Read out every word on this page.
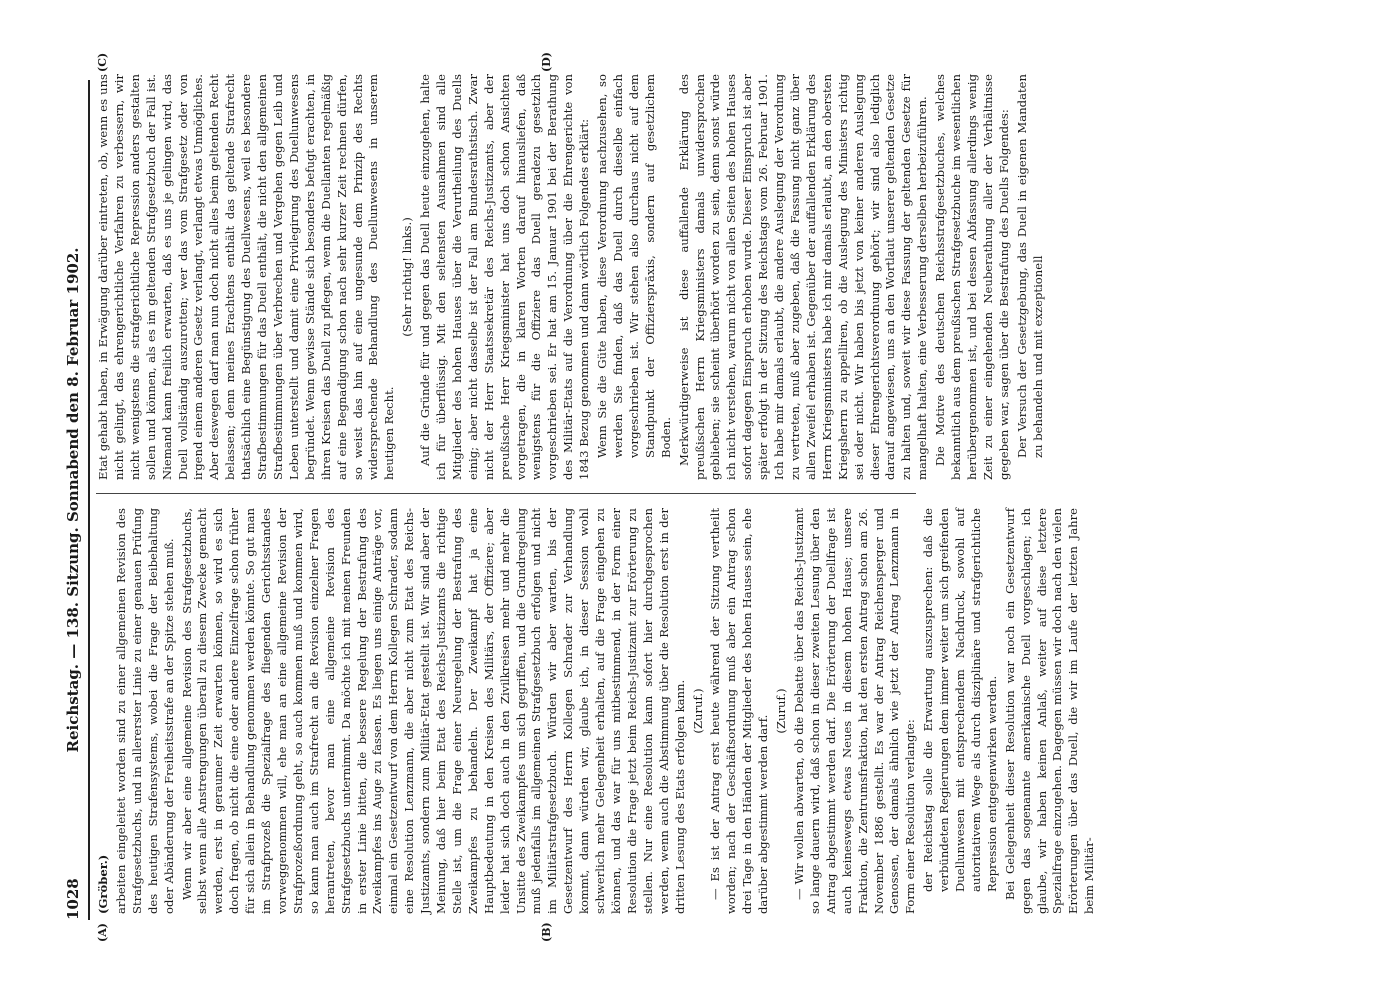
1028
Reichstag. — 138. Sitzung. Sonnabend den 8. Februar 1902.
(A)	(B)
(C)	(D)

(Gröber.) arbeiten eingeleitet worden sind zu einer allgemeinen Revision des Strafgesetzbuchs, und in allererster Linie zu einer genauen Prüfung des heutigen Strafensystems, wobei die Frage der Beibehaltung oder Abänderung der Freiheitsstrafe an der Spitze stehen muß. Wenn wir aber eine allgemeine Revision des Strafgesetzbuchs, selbst wenn alle Anstrengungen überall zu diesem Zwecke gemacht werden, erst in geraumer Zeit erwarten können, so wird es sich doch fragen, ob nicht die eine oder andere Einzelfrage schon früher für sich allein in Behandlung genommen werden könnte. So gut man im Strafprozeß die Spezialfrage des fliegenden Gerichtsstandes vorweggenommen will, ehe man an eine allgemeine Revision der Strafprozeßordnung geht, so auch kommen muß und kommen wird, so kann man auch im Strafrecht an die Revision einzelner Fragen herantreten, bevor man eine allgemeine Revision des Strafgesetzbuchs unternimmt. Da möchte ich mit meinen Freunden in erster Linie bitten, die bessere Regelung der Bestrafung des Zweikampfes ins Auge zu fassen. Es liegen uns einige Anträge vor, einmal ein Gesetzentwurf von dem Herrn Kollegen Schrader, sodann eine Resolution Lenzmann, die aber nicht zum Etat des Reichs-Justizamts, sondern zum Militär-Etat gestellt ist. Wir sind aber der Meinung, daß hier beim Etat des Reichs-Justizamts die richtige Stelle ist, um die Frage einer Neuregelung der Bestrafung des Zweikampfes zu behandeln. Der Zweikampf hat ja eine Hauptbedeutung in den Kreisen des Militärs, der Offiziere; aber leider hat sich doch auch in den Zivilkreisen mehr und mehr die Unsitte des Zweikampfes um sich gegriffen, und die Grundregelung muß jedenfalls im allgemeinen Strafgesetzbuch erfolgen und nicht im Militärstrafgesetzbuch. Würden wir aber warten, bis der Gesetzentwurf des Herrn Kollegen Schrader zur Verhandlung kommt, dann würden wir, glaube ich, in dieser Session wohl schwerlich mehr Gelegenheit erhalten, auf die Frage eingehen zu können, und das war für uns mitbestimmend, in der Form einer Resolution die Frage jetzt beim Reichs-Justizamt zur Erörterung zu stellen. Nur eine Resolution kann sofort hier durchgesprochen werden, wenn auch die Abstimmung über die Resolution erst in der dritten Lesung des Etats erfolgen kann. (Zuruf.) — Es ist der Antrag erst heute während der Sitzung vertheilt worden; nach der Geschäftsordnung muß aber ein Antrag schon drei Tage in den Händen der Mitglieder des hohen Hauses sein, ehe darüber abgestimmt werden darf.

(Zuruf.) — Wir wollen abwarten, ob die Debatte über das Reichs-Justizamt so lange dauern wird, daß schon in dieser zweiten Lesung über den Antrag abgestimmt werden darf. Die Erörterung der Duellfrage ist auch keineswegs etwas Neues in diesem hohen Hause; unsere Fraktion, die Zentrumsfraktion, hat den ersten Antrag schon am 26. November 1886 gestellt. Es war der Antrag Reichensperger und Genossen, der damals ähnlich wie jetzt der Antrag Lenzmann in Form einer Resolution verlangte: der Reichstag solle die Erwartung auszusprechen: daß die verbündeten Regierungen dem immer weiter um sich greifenden Duellunwesen mit entsprechendem Nachdruck, sowohl auf autoritativem Wege als durch disziplinäre und strafgerichtliche Repression entgegenwirken werden. Bei Gelegenheit dieser Resolution war noch ein Gesetzentwurf gegen das sogenannte amerikanische Duell vorgeschlagen; ich glaube, wir haben keinen Anlaß, weiter auf diese letztere Spezialfrage einzugehen. Dagegen müssen wir doch nach den vielen Erörterungen über das Duell, die wir im Laufe der letzten Jahre beim Militär-

Etat gehabt haben, in Erwägung darüber eintreten, ob, wenn es uns nicht gelingt, das ehrengerichtliche Verfahren zu verbessern, wir nicht wenigstens die strafgerichtliche Repression anders gestalten sollen und können, als es im geltenden Strafgesetzbuch der Fall ist. Niemand kann freilich erwarten, daß es uns je gelingen wird, das Duell vollständig auszurotten; wer das vom Strafgesetz oder von irgend einem anderen Gesetz verlangt, verlangt etwas Unmögliches. Aber deswegen darf man nun doch nicht alles beim geltenden Recht belassen; denn meines Erachtens enthält das geltende Strafrecht thatsächlich eine Begünstigung des Duellwesens, weil es besondere Strafbestimmungen für das Duell enthält, die nicht den allgemeinen Strafbestimmungen über Verbrechen und Vergehen gegen Leib und Leben unterstellt und damit eine Privilegirung des Duellunwesens begründet. Wenn gewisse Stände sich besonders befugt erachten, in ihren Kreisen das Duell zu pflegen, wenn die Duellanten regelmäßig auf eine Begnadigung schon nach sehr kurzer Zeit rechnen dürfen, so weist das hin auf eine ungesunde dem Prinzip des Rechts widersprechende Behandlung des Duellunwesens in unserem heutigen Recht.

(Sehr richtig! links.) Auf die Gründe für und gegen das Duell heute einzugehen, halte ich für überflüssig. Mit den seltensten Ausnahmen sind alle Mitglieder des hohen Hauses über die Verurtheilung des Duells einig; aber nicht dasselbe ist der Fall am Bundesrathstisch. Zwar nicht der Herr Staatssekretär des Reichs-Justizamts, aber der preußische Herr Kriegsminister hat uns doch schon Ansichten vorgetragen, die in klaren Worten darauf hinausliefen, daß wenigstens für die Offiziere das Duell geradezu gesetzlich vorgeschrieben sei. Er hat am 15. Januar 1901 bei der Berathung des Militär-Etats auf die Verordnung über die Ehrengerichte von 1843 Bezug genommen und dann wörtlich Folgendes erklärt: Wenn Sie die Güte haben, diese Verordnung nachzusehen, so werden Sie finden, daß das Duell durch dieselbe einfach vorgeschrieben ist. Wir stehen also durchaus nicht auf dem Standpunkt der Offiziersprāxis, sondern auf gesetzlichem Boden. Merkwürdigerweise ist diese auffallende Erklärung des preußischen Herrn Kriegsministers damals unwidersprochen geblieben; sie scheint überhört worden zu sein, denn sonst würde ich nicht verstehen, warum nicht von allen Seiten des hohen Hauses sofort dagegen Einspruch erhoben wurde. Dieser Einspruch ist aber später erfolgt in der Sitzung des Reichstags vom 26. Februar 1901. Ich habe mir damals erlaubt, die andere Auslegung der Verordnung zu vertreten, muß aber zugeben, daß die Fassung nicht ganz über allen Zweifel erhaben ist. Gegenüber der auffallenden Erklärung des Herrn Kriegsministers habe ich mir damals erlaubt, an den obersten Kriegsherrn zu appelliren, ob die Auslegung des Ministers richtig sei oder nicht. Wir haben bis jetzt von keiner anderen Auslegung dieser Ehrengerichtsverordnung gehört; wir sind also lediglich darauf angewiesen, uns an den Wortlaut unserer geltenden Gesetze zu halten und, soweit wir diese Fassung der geltenden Gesetze für mangelhaft halten, eine Verbesserung derselben herbeizuführen. Die Motive des deutschen Reichsstrafgesetzbuches, welches bekanntlich aus dem preußischen Strafgesetzbuche im wesentlichen herübergenommen ist, und bei dessen Abfassung allerdings wenig Zeit zu einer eingehenden Neuberathung aller der Verhältnisse gegeben war, sagen über die Bestrafung des Duells Folgendes: Der Versuch der Gesetzgebung, das Duell in eigenen Mandaten zu behandeln und mit exzeptionell
